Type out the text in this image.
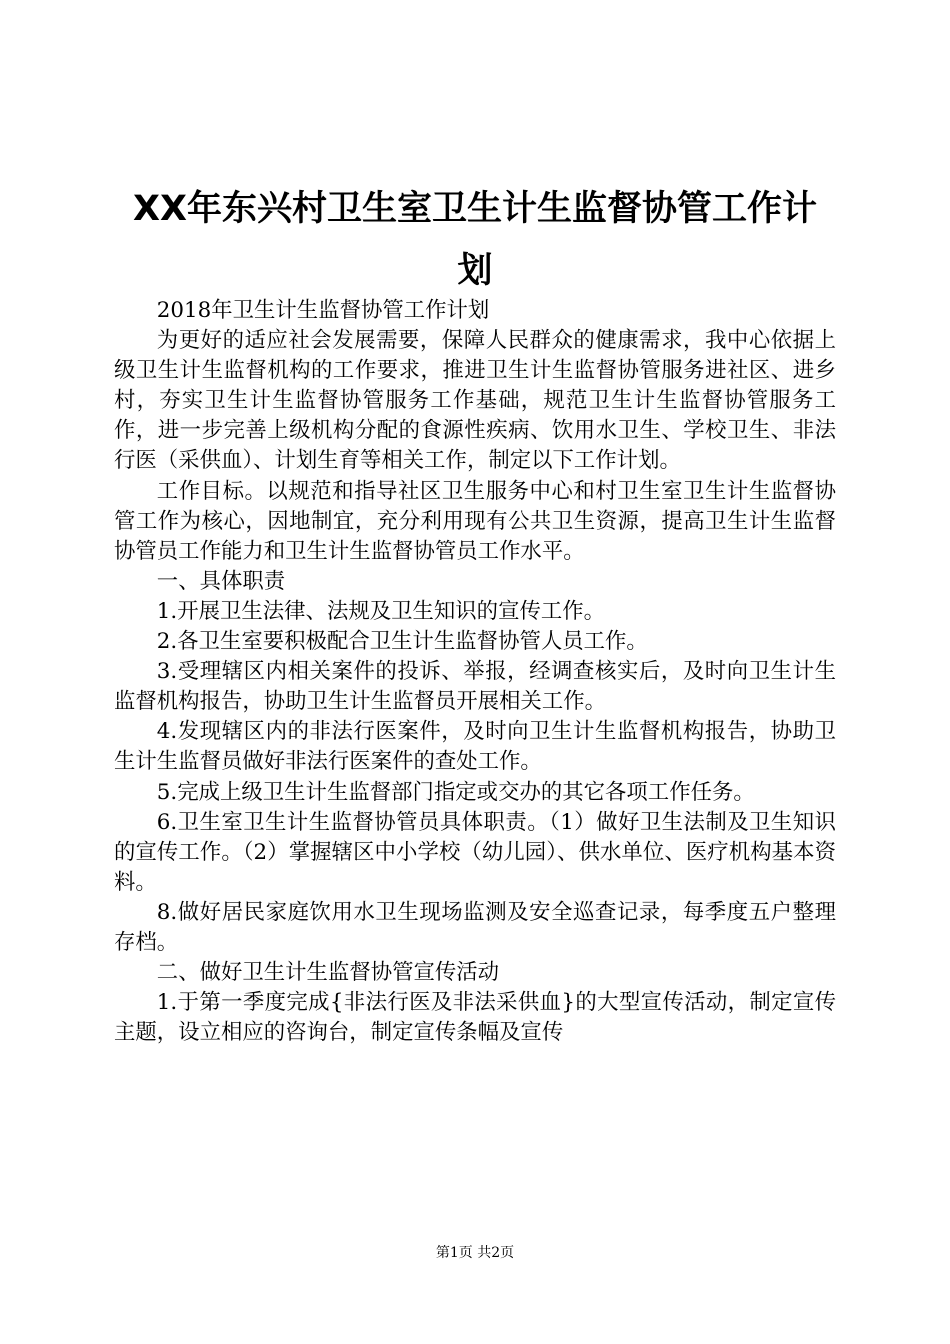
XX年东兴村卫生室卫生计生监督协管工作计划

2018年卫生计生监督协管工作计划

为更好的适应社会发展需要，保障人民群众的健康需求，我中心依据上级卫生计生监督机构的工作要求，推进卫生计生监督协管服务进社区、进乡村，夯实卫生计生监督协管服务工作基础，规范卫生计生监督协管服务工作，进一步完善上级机构分配的食源性疾病、饮用水卫生、学校卫生、非法行医（采供血）、计划生育等相关工作，制定以下工作计划。

工作目标。以规范和指导社区卫生服务中心和村卫生室卫生计生监督协管工作为核心，因地制宜，充分利用现有公共卫生资源，提高卫生计生监督协管员工作能力和卫生计生监督协管员工作水平。

一、具体职责

1.开展卫生法律、法规及卫生知识的宣传工作。

2.各卫生室要积极配合卫生计生监督协管人员工作。

3.受理辖区内相关案件的投诉、举报，经调查核实后，及时向卫生计生监督机构报告，协助卫生计生监督员开展相关工作。

4.发现辖区内的非法行医案件，及时向卫生计生监督机构报告，协助卫生计生监督员做好非法行医案件的查处工作。

5.完成上级卫生计生监督部门指定或交办的其它各项工作任务。

6.卫生室卫生计生监督协管员具体职责。（1）做好卫生法制及卫生知识的宣传工作。（2）掌握辖区中小学校（幼儿园）、供水单位、医疗机构基本资料。

8.做好居民家庭饮用水卫生现场监测及安全巡查记录，每季度五户整理存档。

二、做好卫生计生监督协管宣传活动

1.于第一季度完成{非法行医及非法采供血}的大型宣传活动，制定宣传主题，设立相应的咨询台，制定宣传条幅及宣传

第1页 共2页
